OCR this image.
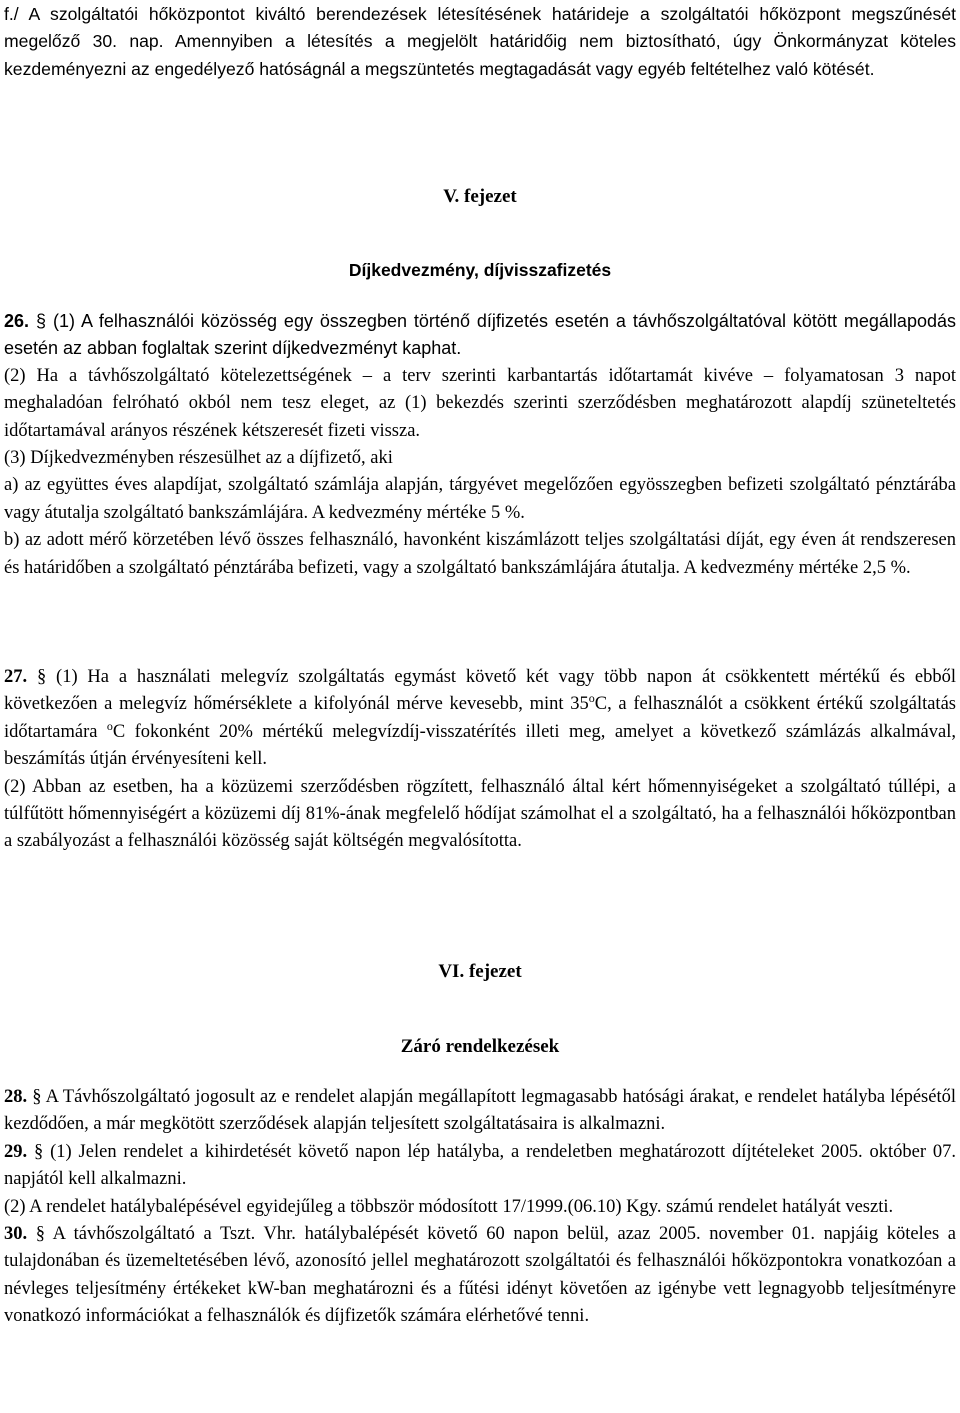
f./ A szolgáltatói hőközpontot kiváltó berendezések létesítésének határideje a szolgáltatói hőközpont megszűnését megelőző 30. nap. Amennyiben a létesítés a megjelölt határidőig nem biztosítható, úgy Önkormányzat köteles kezdeményezni az engedélyező hatóságnál a megszüntetés megtagadását vagy egyéb feltételhez való kötését.

V. fejezet

Díjkedvezmény, díjvisszafizetés

26. § (1) A felhasználói közösség egy összegben történő díjfizetés esetén a távhőszolgáltatóval kötött megállapodás esetén az abban foglaltak szerint díjkedvezményt kaphat.

(2) Ha a távhőszolgáltató kötelezettségének – a terv szerinti karbantartás időtartamát kivéve – folyamatosan 3 napot meghaladóan felróható okból nem tesz eleget, az (1) bekezdés szerinti szerződésben meghatározott alapdíj szüneteltetés időtartamával arányos részének kétszeresét fizeti vissza.

(3) Díjkedvezményben részesülhet az a díjfizető, aki

a) az együttes éves alapdíjat, szolgáltató számlája alapján, tárgyévet megelőzően egyösszegben befizeti szolgáltató pénztárába vagy átutalja szolgáltató bankszámlájára. A kedvezmény mértéke 5 %.

b) az adott mérő körzetében lévő összes felhasználó, havonként kiszámlázott teljes szolgáltatási díját, egy éven át rendszeresen és határidőben a szolgáltató pénztárába befizeti, vagy a szolgáltató bankszámlájára átutalja. A kedvezmény mértéke 2,5 %.

27. § (1) Ha a használati melegvíz szolgáltatás egymást követő két vagy több napon át csökkentett mértékű és ebből következően a melegvíz hőmérséklete a kifolyónál mérve kevesebb, mint 35$^o$C, a felhasználót a csökkent értékű szolgáltatás időtartamára $^o$C fokonként 20% mértékű melegvízdíj-visszatérítés illeti meg, amelyet a következő számlázás alkalmával, beszámítás útján érvényesíteni kell.

(2) Abban az esetben, ha a közüzemi szerződésben rögzített, felhasználó által kért hőmennyiségeket a szolgáltató túllépi, a túlfűtött hőmennyiségért a közüzemi díj 81%-ának megfelelő hődíjat számolhat el a szolgáltató, ha a felhasználói hőközpontban a szabályozást a felhasználói közösség saját költségén megvalósította.

VI. fejezet

Záró rendelkezések

28. § A Távhőszolgáltató jogosult az e rendelet alapján megállapított legmagasabb hatósági árakat, e rendelet hatályba lépésétől kezdődően, a már megkötött szerződések alapján teljesített szolgáltatásaira is alkalmazni.

29. § (1) Jelen rendelet a kihirdetését követő napon lép hatályba, a rendeletben meghatározott díjtételeket 2005. október 07. napjától kell alkalmazni.

(2) A rendelet hatálybalépésével egyidejűleg a többször módosított 17/1999.(06.10) Kgy. számú rendelet hatályát veszti.

30. § A távhőszolgáltató a Tszt. Vhr. hatálybalépését követő 60 napon belül, azaz 2005. november 01. napjáig köteles a tulajdonában és üzemeltetésében lévő, azonosító jellel meghatározott szolgáltatói és felhasználói hőközpontokra vonatkozóan a névleges teljesítmény értékeket kW-ban meghatározni és a fűtési idényt követően az igénybe vett legnagyobb teljesítményre vonatkozó információkat a felhasználók és díjfizetők számára elérhetővé tenni.
